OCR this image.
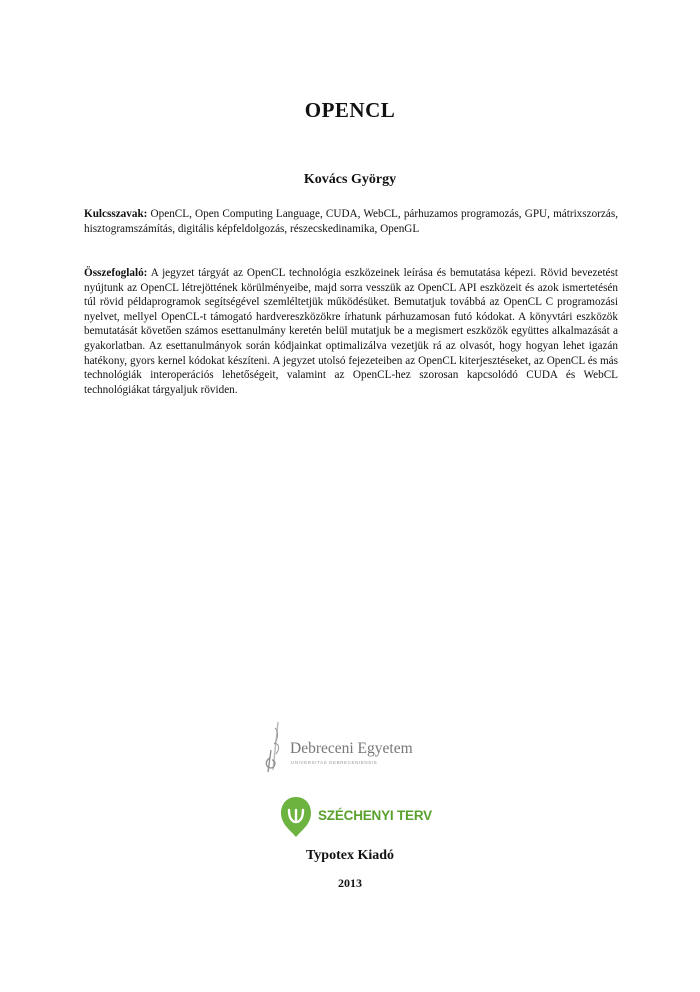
OPENCL
Kovács György
Kulcsszavak: OpenCL, Open Computing Language, CUDA, WebCL, párhuzamos programozás, GPU, mátrixszorzás, hisztogramszámítás, digitális képfeldolgozás, részecskedinamika, OpenGL
Összefoglaló: A jegyzet tárgyát az OpenCL technológia eszközeinek leírása és bemutatása képezi. Rövid bevezetést nyújtunk az OpenCL létrejöttének körülményeibe, majd sorra vesszük az OpenCL API eszközeit és azok ismertetésén túl rövid példaprogramok segítségével szemléltetjük működésüket. Bemutatjuk továbbá az OpenCL C programozási nyelvet, mellyel OpenCL-t támogató hardvereszközökre írhatunk párhuzamosan futó kódokat. A könyvtári eszközök bemutatását követően számos esettanulmány keretén belül mutatjuk be a megismert eszközök együttes alkalmazását a gyakorlatban. Az esettanulmányok során kódjainkat optimalizálva vezetjük rá az olvasót, hogy hogyan lehet igazán hatékony, gyors kernel kódokat készíteni. A jegyzet utolsó fejezeteiben az OpenCL kiterjesztéseket, az OpenCL és más technológiák interoperációs lehetőségeit, valamint az OpenCL-hez szorosan kapcsolódó CUDA és WebCL technológiákat tárgyaljuk röviden.
Debreceni Egyetem
UNIVERSITAS DEBRECENIENSIS
SZÉCHENYI TERV
Typotex Kiadó
2013
